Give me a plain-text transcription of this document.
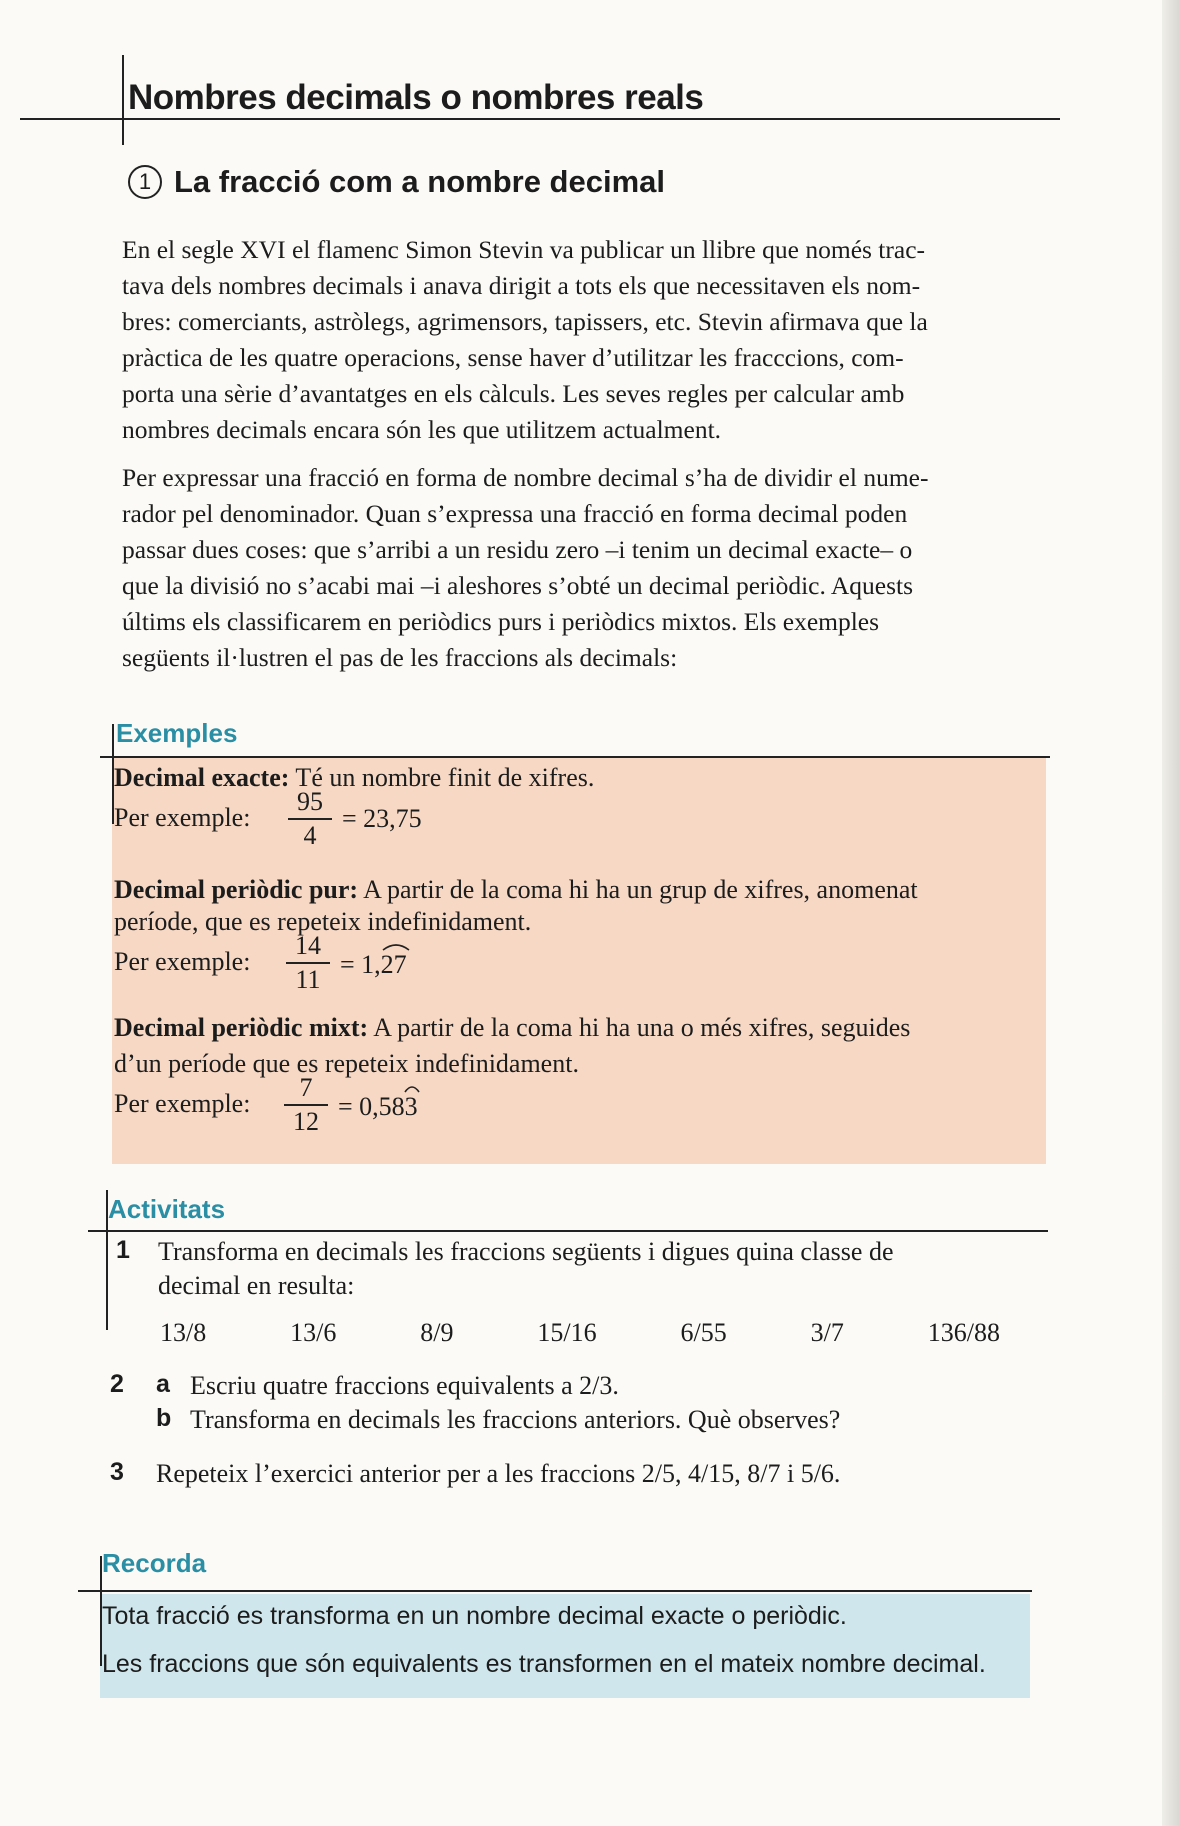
Nombres decimals o nombres reals
1 La fracció com a nombre decimal

En el segle XVI el flamenc Simon Stevin va publicar un llibre que només trac-

tava dels nombres decimals i anava dirigit a tots els que necessitaven els nom-

bres: comerciants, astròlegs, agrimensors, tapissers, etc. Stevin afirmava que la

pràctica de les quatre operacions, sense haver d’utilitzar les fracccions, com-

porta una sèrie d’avantatges en els càlculs. Les seves regles per calcular amb

nombres decimals encara són les que utilitzem actualment.

Per expressar una fracció en forma de nombre decimal s’ha de dividir el nume-

rador pel denominador. Quan s’expressa una fracció en forma decimal poden

passar dues coses: que s’arribi a un residu zero –i tenim un decimal exacte– o

que la divisió no s’acabi mai –i aleshores s’obté un decimal periòdic. Aquests

últims els classificarem en periòdics purs i periòdics mixtos. Els exemples

següents il·lustren el pas de les fraccions als decimals:

Exemples

Decimal exacte: Té un nombre finit de xifres.

Per exemple:

95
4
= 23,75

Decimal periòdic pur: A partir de la coma hi ha un grup de xifres, anomenat

període, que es repeteix indefinidament.

Per exemple:

14
11
= 1,
27

Decimal periòdic mixt: A partir de la coma hi ha una o més xifres, seguides

d’un període que es repeteix indefinidament.

Per exemple:

7
12
= 0,58
3
Activitats
1 Transforma en decimals les fraccions següents i digues quina classe de

decimal en resulta:

13/8	13/6	8/9	15/16	6/55	3/7	136/88
2 a Escriu quatre fraccions equivalents a 2/3.

b Transforma en decimals les fraccions anteriors. Què observes?

3 Repeteix l’exercici anterior per a les fraccions 2/5, 4/15, 8/7 i 5/6.

Recorda

Tota fracció es transforma en un nombre decimal exacte o periòdic.

Les fraccions que són equivalents es transformen en el mateix nombre decimal.
